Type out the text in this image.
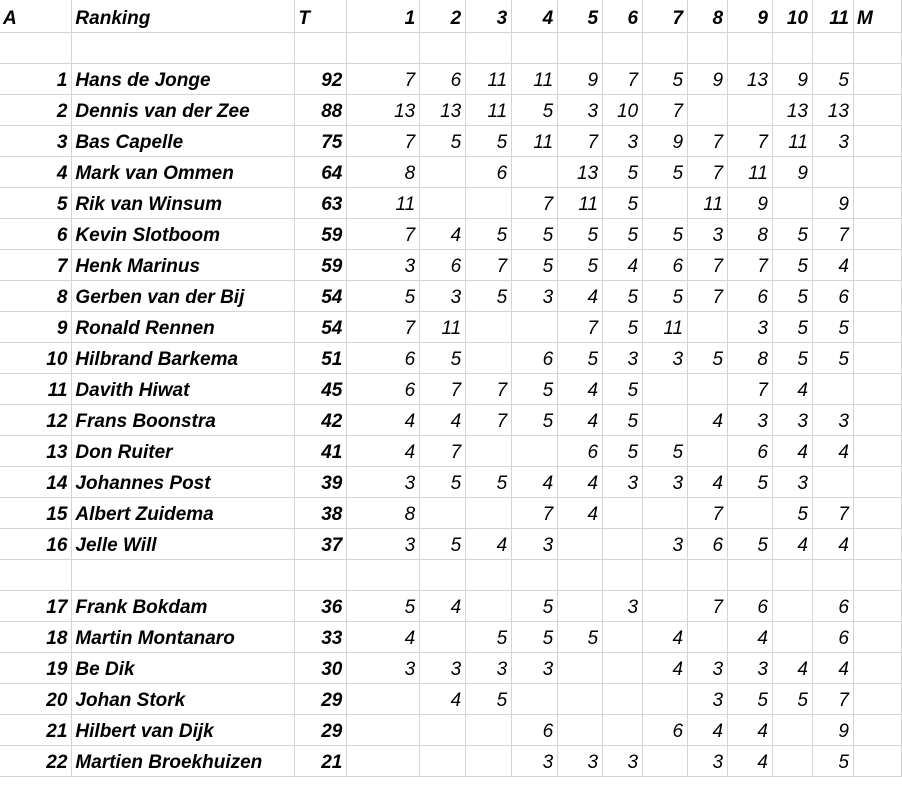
A	Ranking	T	1	2	3	4	5	6	7	8	9	10	11	M

1	Hans de Jonge	92	7	6	11	11	9	7	5	9	13	9	5	
2	Dennis van der Zee	88	13	13	11	5	3	10	7			13	13	
3	Bas Capelle	75	7	5	5	11	7	3	9	7	7	11	3	
4	Mark van Ommen	64	8		6		13	5	5	7	11	9		
5	Rik van Winsum	63	11			7	11	5		11	9		9	
6	Kevin Slotboom	59	7	4	5	5	5	5	5	3	8	5	7	
7	Henk Marinus	59	3	6	7	5	5	4	6	7	7	5	4	
8	Gerben van der Bij	54	5	3	5	3	4	5	5	7	6	5	6	
9	Ronald Rennen	54	7	11			7	5	11		3	5	5	
10	Hilbrand Barkema	51	6	5		6	5	3	3	5	8	5	5	
11	Davith Hiwat	45	6	7	7	5	4	5			7	4		
12	Frans Boonstra	42	4	4	7	5	4	5		4	3	3	3	
13	Don Ruiter	41	4	7			6	5	5		6	4	4	
14	Johannes Post	39	3	5	5	4	4	3	3	4	5	3		
15	Albert Zuidema	38	8			7	4			7		5	7	
16	Jelle Will	37	3	5	4	3			3	6	5	4	4	

17	Frank Bokdam	36	5	4		5		3		7	6		6	
18	Martin Montanaro	33	4		5	5	5		4		4		6	
19	Be Dik	30	3	3	3	3			4	3	3	4	4	
20	Johan Stork	29		4	5					3	5	5	7	
21	Hilbert van Dijk	29				6			6	4	4		9	
22	Martien Broekhuizen	21				3	3	3		3	4		5	
